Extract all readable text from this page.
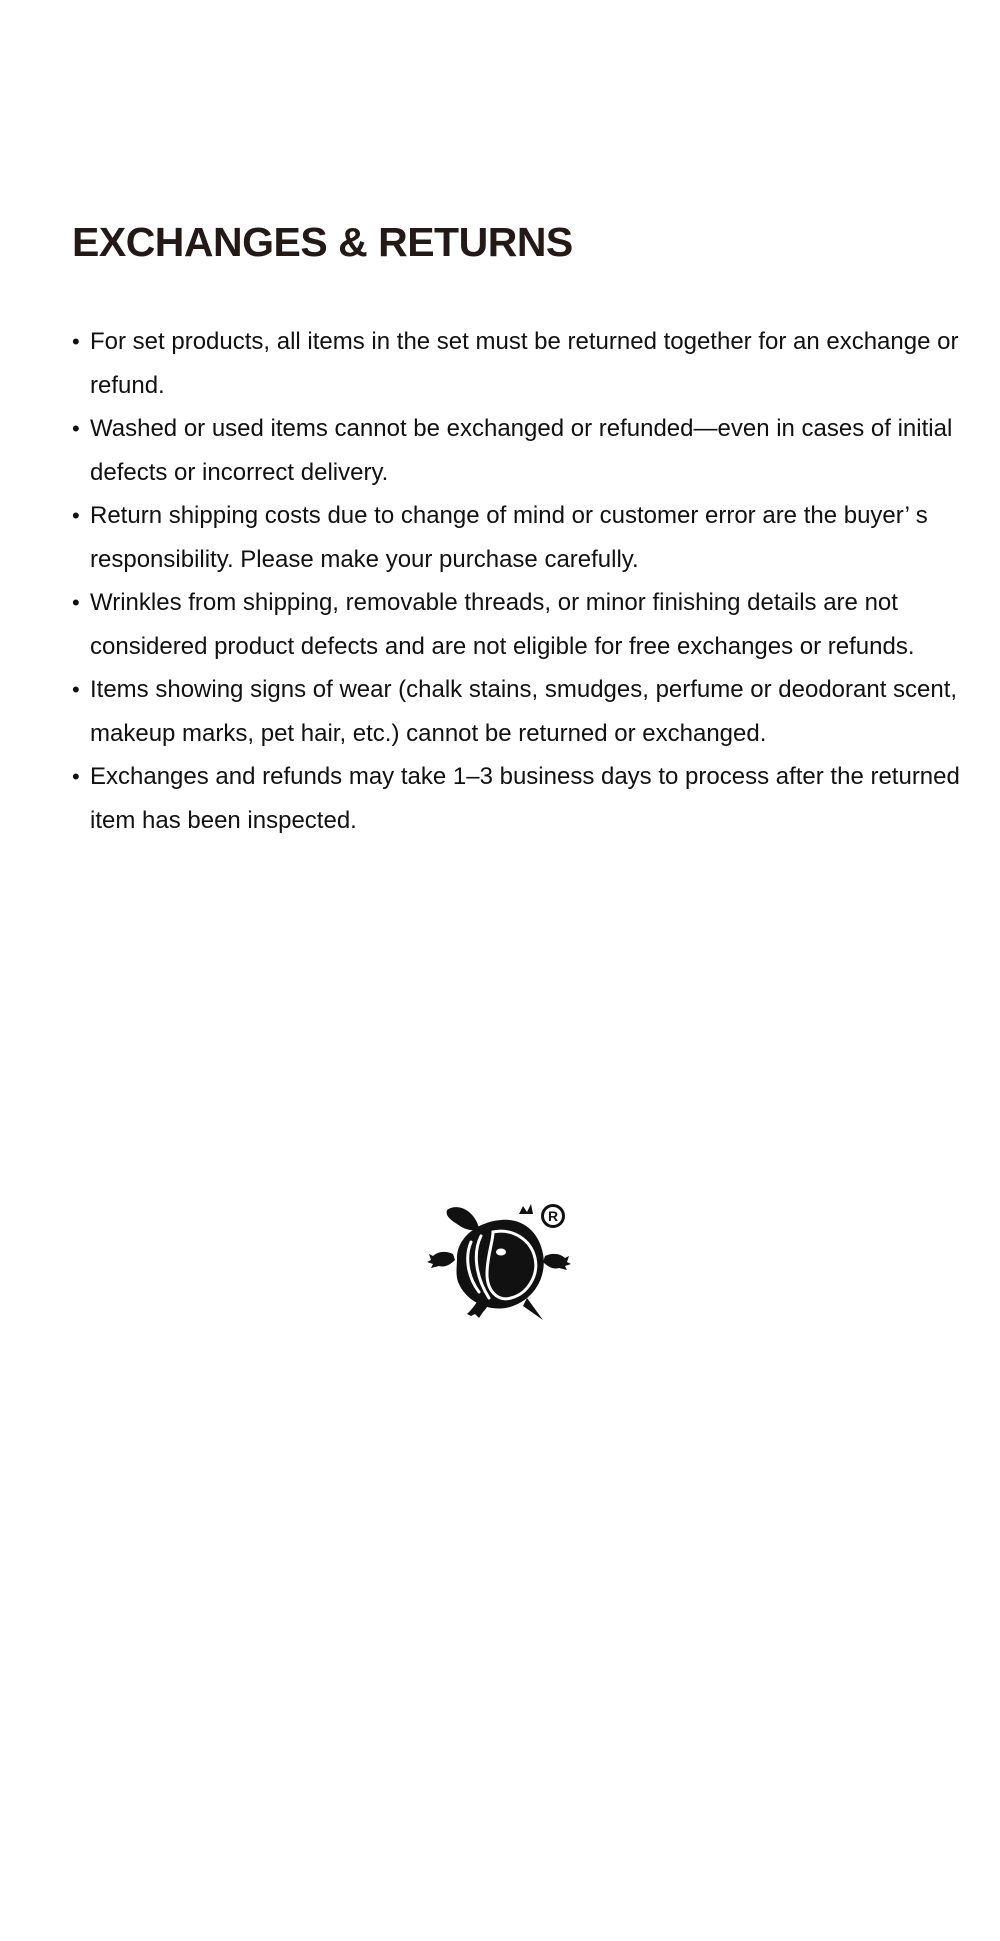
EXCHANGES & RETURNS
• For set products, all items in the set must be returned together for an exchange or refund.
• Washed or used items cannot be exchanged or refunded—even in cases of initial defects or incorrect delivery.
• Return shipping costs due to change of mind or customer error are the buyer’ s responsibility. Please make your purchase carefully.
• Wrinkles from shipping, removable threads, or minor finishing details are not considered product defects and are not eligible for free exchanges or refunds.
• Items showing signs of wear (chalk stains, smudges, perfume or deodorant scent, makeup marks, pet hair, etc.) cannot be returned or exchanged.
• Exchanges and refunds may take 1–3 business days to process after the returned item has been inspected.
R
